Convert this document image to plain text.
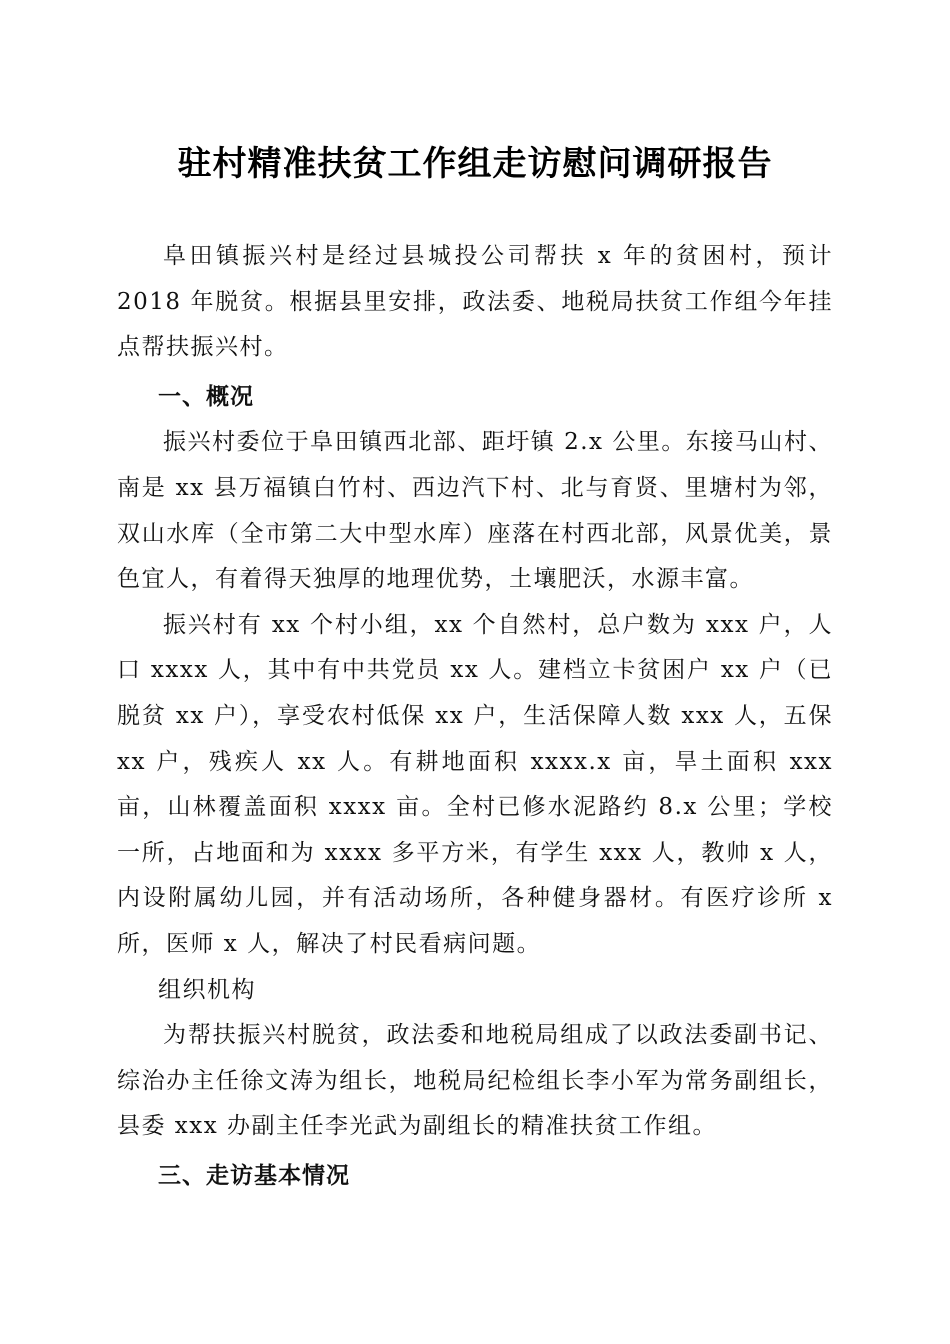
驻村精准扶贫工作组走访慰问调研报告

阜田镇振兴村是经过县城投公司帮扶 x 年的贫困村，预计 2018 年脱贫。根据县里安排，政法委、地税局扶贫工作组今年挂点帮扶振兴村。

一、概况

振兴村委位于阜田镇西北部、距圩镇 2.x 公里。东接马山村、南是 xx 县万福镇白竹村、西边汽下村、北与育贤、里塘村为邻，双山水库（全市第二大中型水库）座落在村西北部，风景优美，景色宜人，有着得天独厚的地理优势，土壤肥沃，水源丰富。

振兴村有 xx 个村小组，xx 个自然村，总户数为 xxx 户，人口 xxxx 人，其中有中共党员 xx 人。建档立卡贫困户 xx 户（已脱贫 xx 户），享受农村低保 xx 户，生活保障人数 xxx 人，五保 xx 户，残疾人 xx 人。有耕地面积 xxxx.x 亩，旱土面积 xxx 亩，山林覆盖面积 xxxx 亩。全村已修水泥路约 8.x 公里；学校一所，占地面和为 xxxx 多平方米，有学生 xxx 人，教帅 x 人，内设附属幼儿园，并有活动场所，各种健身器材。有医疗诊所 x 所，医师 x 人，解决了村民看病问题。

组织机构

为帮扶振兴村脱贫，政法委和地税局组成了以政法委副书记、综治办主任徐文涛为组长，地税局纪检组长李小军为常务副组长，县委 xxx 办副主任李光武为副组长的精准扶贫工作组。

三、走访基本情况
